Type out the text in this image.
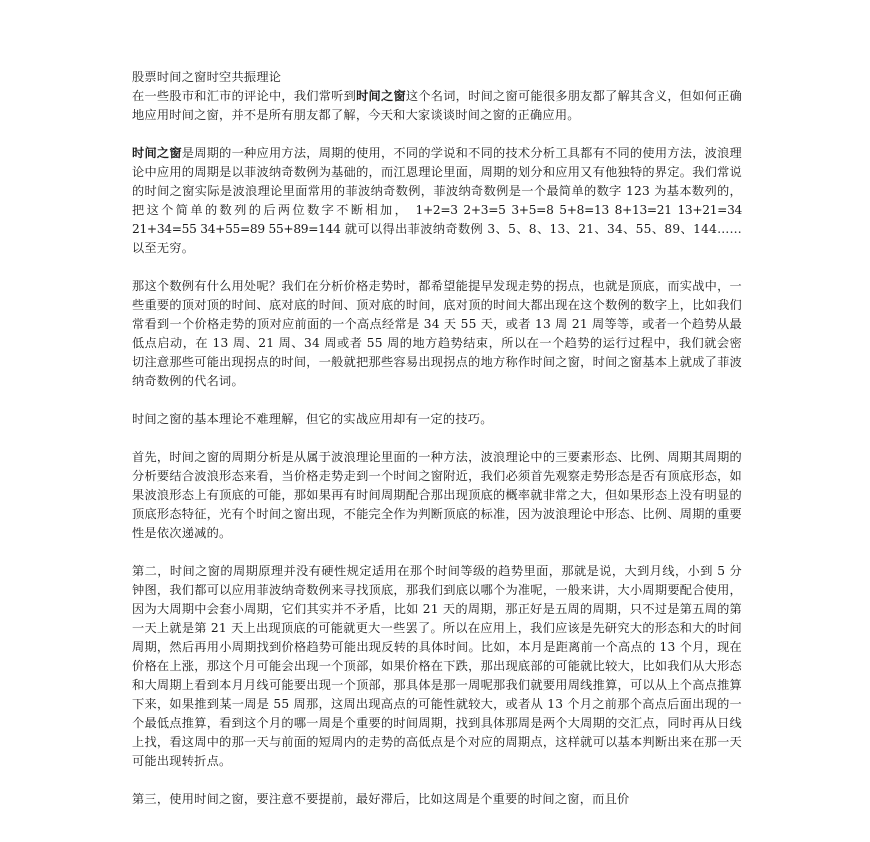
股票时间之窗时空共振理论

在一些股市和汇市的评论中，我们常听到时间之窗这个名词，时间之窗可能很多朋友都了解其含义，但如何正确地应用时间之窗，并不是所有朋友都了解，今天和大家谈谈时间之窗的正确应用。

时间之窗是周期的一种应用方法，周期的使用，不同的学说和不同的技术分析工具都有不同的使用方法，波浪理论中应用的周期是以菲波纳奇数例为基础的，而江恩理论里面，周期的划分和应用又有他独特的界定。我们常说的时间之窗实际是波浪理论里面常用的菲波纳奇数例，菲波纳奇数例是一个最简单的数字 123 为基本数列的，把这个简单的数列的后两位数字不断相加， 1+2=3 2+3=5 3+5=8 5+8=13 8+13=21 13+21=34 21+34=55 34+55=89 55+89=144 就可以得出菲波纳奇数例 3、5、8、13、21、34、55、89、144…… 以至无穷。

那这个数例有什么用处呢？我们在分析价格走势时，都希望能提早发现走势的拐点，也就是顶底，而实战中，一些重要的顶对顶的时间、底对底的时间、顶对底的时间，底对顶的时间大都出现在这个数例的数字上，比如我们常看到一个价格走势的顶对应前面的一个高点经常是 34 天 55 天，或者 13 周 21 周等等，或者一个趋势从最低点启动，在 13 周、21 周、34 周或者 55 周的地方趋势结束，所以在一个趋势的运行过程中，我们就会密切注意那些可能出现拐点的时间，一般就把那些容易出现拐点的地方称作时间之窗，时间之窗基本上就成了菲波纳奇数例的代名词。

时间之窗的基本理论不难理解，但它的实战应用却有一定的技巧。

首先，时间之窗的周期分析是从属于波浪理论里面的一种方法，波浪理论中的三要素形态、比例、周期其周期的分析要结合波浪形态来看，当价格走势走到一个时间之窗附近，我们必须首先观察走势形态是否有顶底形态，如果波浪形态上有顶底的可能，那如果再有时间周期配合那出现顶底的概率就非常之大，但如果形态上没有明显的顶底形态特征，光有个时间之窗出现，不能完全作为判断顶底的标准，因为波浪理论中形态、比例、周期的重要性是依次递减的。

第二，时间之窗的周期原理并没有硬性规定适用在那个时间等级的趋势里面，那就是说，大到月线，小到 5 分钟图，我们都可以应用菲波纳奇数例来寻找顶底，那我们到底以哪个为准呢，一般来讲，大小周期要配合使用，因为大周期中会套小周期，它们其实并不矛盾，比如 21 天的周期，那正好是五周的周期，只不过是第五周的第一天上就是第 21 天上出现顶底的可能就更大一些罢了。所以在应用上，我们应该是先研究大的形态和大的时间周期，然后再用小周期找到价格趋势可能出现反转的具体时间。比如，本月是距离前一个高点的 13 个月，现在价格在上涨，那这个月可能会出现一个顶部，如果价格在下跌，那出现底部的可能就比较大，比如我们从大形态和大周期上看到本月月线可能要出现一个顶部，那具体是那一周呢那我们就要用周线推算，可以从上个高点推算下来，如果推到某一周是 55 周那，这周出现高点的可能性就较大，或者从 13 个月之前那个高点后面出现的一个最低点推算，看到这个月的哪一周是个重要的时间周期，找到具体那周是两个大周期的交汇点，同时再从日线上找，看这周中的那一天与前面的短周内的走势的高低点是个对应的周期点，这样就可以基本判断出来在那一天可能出现转折点。

第三，使用时间之窗，要注意不要提前，最好滞后，比如这周是个重要的时间之窗，而且价
